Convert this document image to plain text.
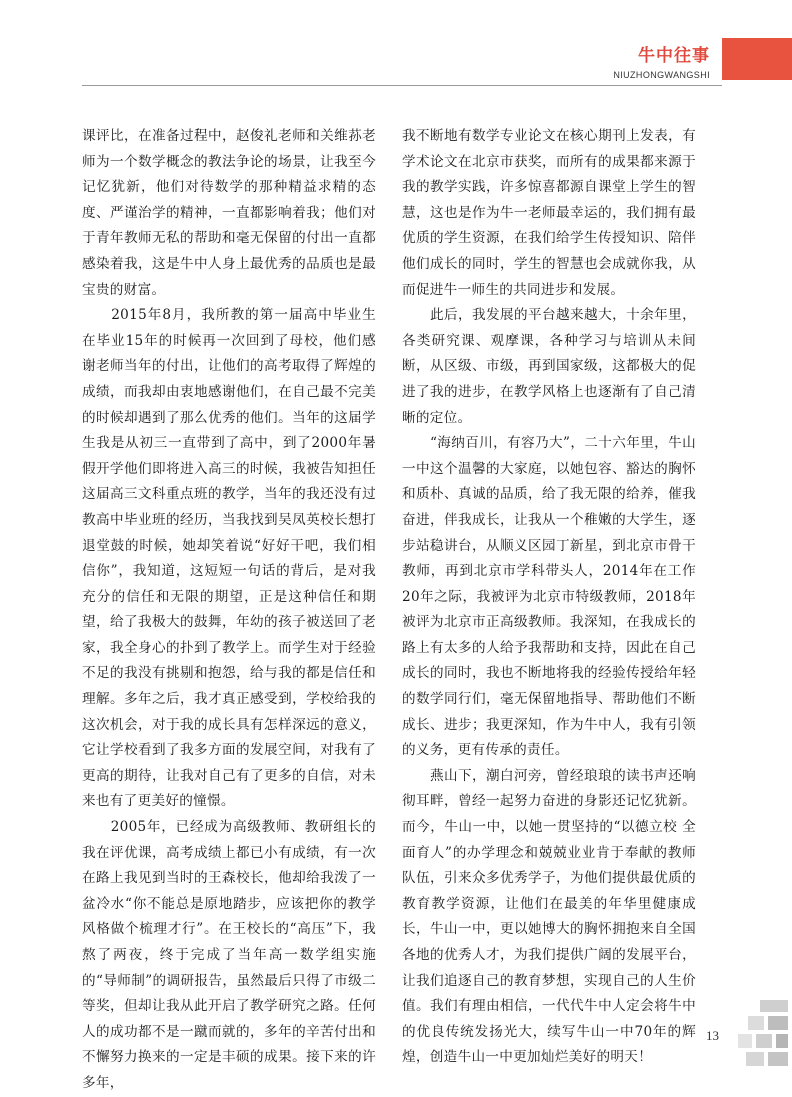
牛中往事
NIUZHONGWANGSHI

课评比，在准备过程中，赵俊礼老师和关维荪老师为一个数学概念的教法争论的场景，让我至今记忆犹新，他们对待数学的那种精益求精的态度、严谨治学的精神，一直都影响着我；他们对于青年教师无私的帮助和毫无保留的付出一直都感染着我，这是牛中人身上最优秀的品质也是最宝贵的财富。

　　2015年8月，我所教的第一届高中毕业生在毕业15年的时候再一次回到了母校，他们感谢老师当年的付出，让他们的高考取得了辉煌的成绩，而我却由衷地感谢他们，在自己最不完美的时候却遇到了那么优秀的他们。当年的这届学生我是从初三一直带到了高中，到了2000年暑假开学他们即将进入高三的时候，我被告知担任这届高三文科重点班的教学，当年的我还没有过教高中毕业班的经历，当我找到吴凤英校长想打退堂鼓的时候，她却笑着说“好好干吧，我们相信你”，我知道，这短短一句话的背后，是对我充分的信任和无限的期望，正是这种信任和期望，给了我极大的鼓舞，年幼的孩子被送回了老家，我全身心的扑到了教学上。而学生对于经验不足的我没有挑剔和抱怨，给与我的都是信任和理解。多年之后，我才真正感受到，学校给我的这次机会，对于我的成长具有怎样深远的意义，它让学校看到了我多方面的发展空间，对我有了更高的期待，让我对自己有了更多的自信，对未来也有了更美好的憧憬。

　　2005年，已经成为高级教师、教研组长的我在评优课，高考成绩上都已小有成绩，有一次在路上我见到当时的王森校长，他却给我泼了一盆冷水“你不能总是原地踏步，应该把你的教学风格做个梳理才行”。在王校长的“高压”下，我熬了两夜，终于完成了当年高一数学组实施的“导师制”的调研报告，虽然最后只得了市级二等奖，但却让我从此开启了教学研究之路。任何人的成功都不是一蹴而就的，多年的辛苦付出和不懈努力换来的一定是丰硕的成果。接下来的许多年，

我不断地有数学专业论文在核心期刊上发表，有学术论文在北京市获奖，而所有的成果都来源于我的教学实践，许多惊喜都源自课堂上学生的智慧，这也是作为牛一老师最幸运的，我们拥有最优质的学生资源，在我们给学生传授知识、陪伴他们成长的同时，学生的智慧也会成就你我，从而促进牛一师生的共同进步和发展。

　　此后，我发展的平台越来越大，十余年里，各类研究课、观摩课，各种学习与培训从未间断，从区级、市级，再到国家级，这都极大的促进了我的进步，在教学风格上也逐渐有了自己清晰的定位。

　　“海纳百川，有容乃大”，二十六年里，牛山一中这个温馨的大家庭，以她包容、豁达的胸怀和质朴、真诚的品质，给了我无限的给养，催我奋进，伴我成长，让我从一个稚嫩的大学生，逐步站稳讲台，从顺义区园丁新星，到北京市骨干教师，再到北京市学科带头人，2014年在工作20年之际，我被评为北京市特级教师，2018年被评为北京市正高级教师。我深知，在我成长的路上有太多的人给予我帮助和支持，因此在自己成长的同时，我也不断地将我的经验传授给年轻的数学同行们，毫无保留地指导、帮助他们不断成长、进步；我更深知，作为牛中人，我有引领的义务，更有传承的责任。

　　燕山下，潮白河旁，曾经琅琅的读书声还响彻耳畔，曾经一起努力奋进的身影还记忆犹新。而今，牛山一中，以她一贯坚持的“以德立校 全面育人”的办学理念和兢兢业业肯于奉献的教师队伍，引来众多优秀学子，为他们提供最优质的教育教学资源，让他们在最美的年华里健康成长，牛山一中，更以她博大的胸怀拥抱来自全国各地的优秀人才，为我们提供广阔的发展平台，让我们追逐自己的教育梦想，实现自己的人生价值。我们有理由相信，一代代牛中人定会将牛中的优良传统发扬光大，续写牛山一中70年的辉煌，创造牛山一中更加灿烂美好的明天！

13
